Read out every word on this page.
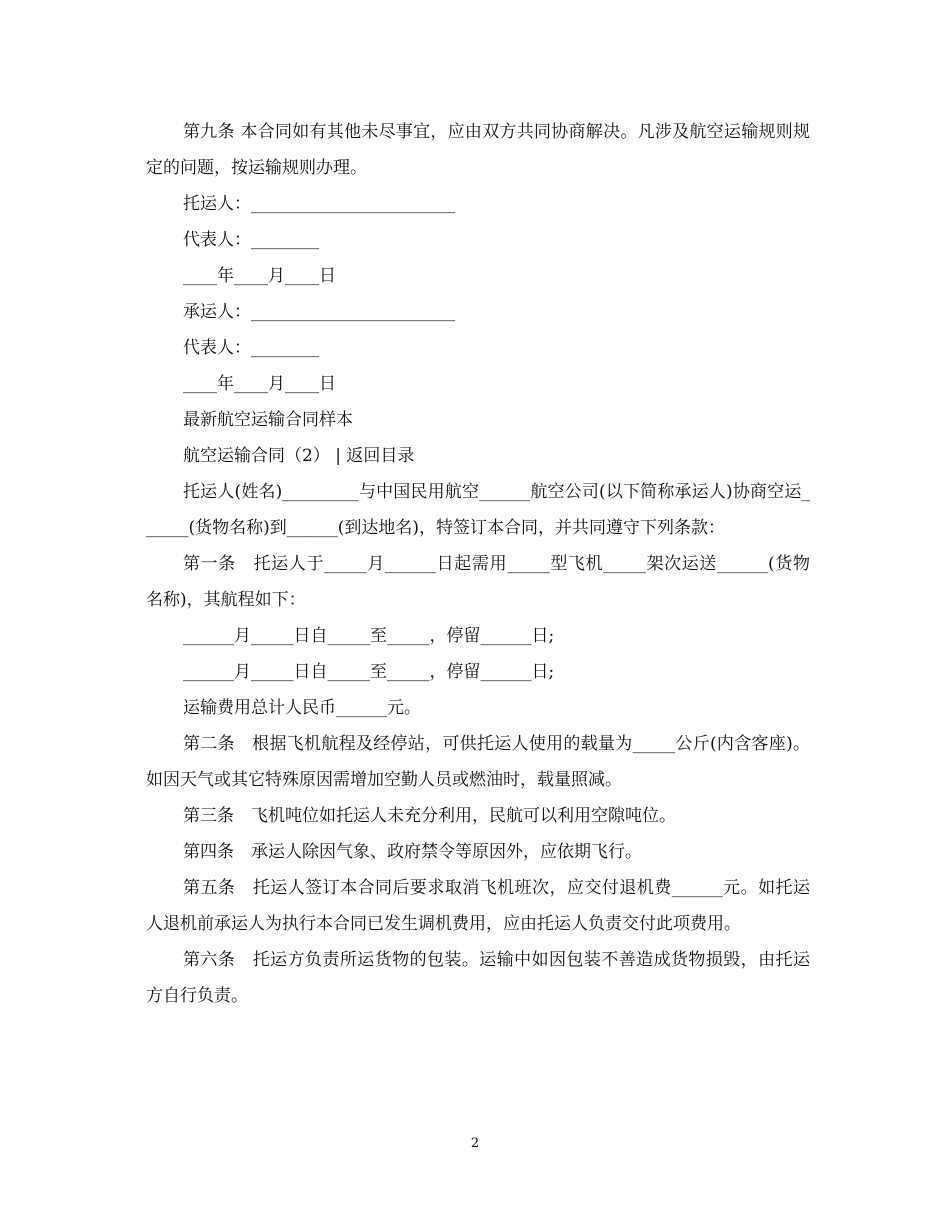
第九条 本合同如有其他未尽事宜，应由双方共同协商解决。凡涉及航空运输规则规定的问题，按运输规则办理。

托运人：________________________

代表人：________

____年____月____日

承运人：________________________

代表人：________

____年____月____日

最新航空运输合同样本

航空运输合同（2） | 返回目录

托运人(姓名)_________与中国民用航空______航空公司(以下简称承运人)协商空运______(货物名称)到______(到达地名)，特签订本合同，并共同遵守下列条款：

第一条　托运人于_____月______日起需用_____型飞机_____架次运送______(货物名称)，其航程如下：

______月_____日自_____至_____，停留______日;

______月_____日自_____至_____，停留______日;

运输费用总计人民币______元。

第二条　根据飞机航程及经停站，可供托运人使用的载量为_____公斤(内含客座)。如因天气或其它特殊原因需增加空勤人员或燃油时，载量照减。

第三条　飞机吨位如托运人未充分利用，民航可以利用空隙吨位。

第四条　承运人除因气象、政府禁令等原因外，应依期飞行。

第五条　托运人签订本合同后要求取消飞机班次，应交付退机费______元。如托运人退机前承运人为执行本合同已发生调机费用，应由托运人负责交付此项费用。

第六条　托运方负责所运货物的包装。运输中如因包装不善造成货物损毁，由托运方自行负责。

2
